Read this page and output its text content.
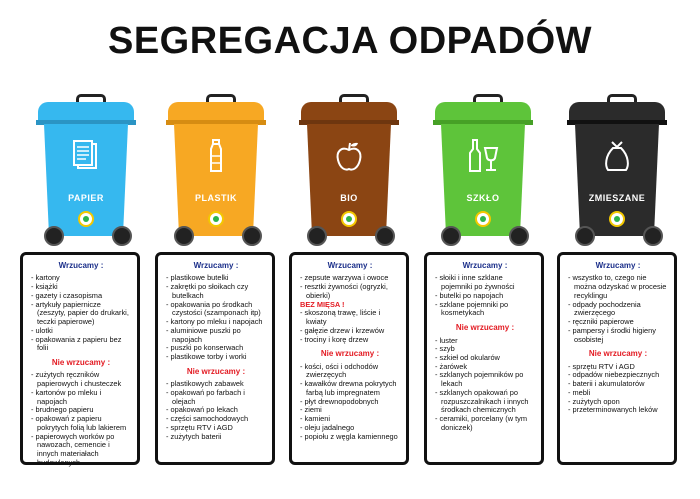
SEGREGACJA ODPADÓW
PAPIER	PLASTIK	BIO	SZKŁO	ZMIESZANE
Wrzucamy :
- kartony
- książki
- gazety i czasopisma
- artykuły papiernicze (zeszyty, papier do drukarki, teczki papierowe)
- ulotki
- opakowania z papieru bez folii
Nie wrzucamy :
- zużytych ręczników papierowych i chusteczek
- kartonów po mleku i napojach
- brudnego papieru
- opakowań z papieru pokrytych folią lub lakierem
- papierowych worków po nawozach, cemencie i innych materiałach budowlanych
Wrzucamy :
- plastikowe butelki
- zakrętki po słoikach czy butelkach
- opakowania po środkach czystości (szamponach itp)
- kartony po mleku i napojach
- aluminiowe puszki po napojach
- puszki po konserwach
- plastikowe torby i worki
Nie wrzucamy :
- plastikowych zabawek
- opakowań po farbach i olejach
- opakowań po lekach
- części samochodowych
- sprzętu RTV i AGD
- zużytych baterii
Wrzucamy :
- zepsute warzywa i owoce
- resztki żywności (ogryzki, obierki)
BEZ MIĘSA !
- skoszoną trawę, liście i kwiaty
- gałęzie drzew i krzewów
- trociny i korę drzew
Nie wrzucamy :
- kości, ości i odchodów zwierzęcych
- kawałków drewna pokrytych farbą lub impregnatem
- płyt drewnopodobnych
- ziemi
- kamieni
- oleju jadalnego
- popiołu z węgla kamiennego
Wrzucamy :
- słoiki i inne szklane pojemniki po żywności
- butelki po napojach
- szklane pojemniki po kosmetykach
Nie wrzucamy :
- luster
- szyb
- szkieł od okularów
- żarówek
- szklanych pojemników po lekach
- szklanych opakowań po rozpuszczalnikach i innych środkach chemicznych
- ceramiki, porcelany (w tym doniczek)
Wrzucamy :
- wszystko to, czego nie można odzyskać w procesie recyklingu
- odpady pochodzenia zwierzęcego
- ręczniki papierowe
- pampersy i środki higieny osobistej
Nie wrzucamy :
- sprzętu RTV i AGD
- odpadów niebezpiecznych
- baterii i akumulatorów
- mebli
- zużytych opon
- przeterminowanych leków
